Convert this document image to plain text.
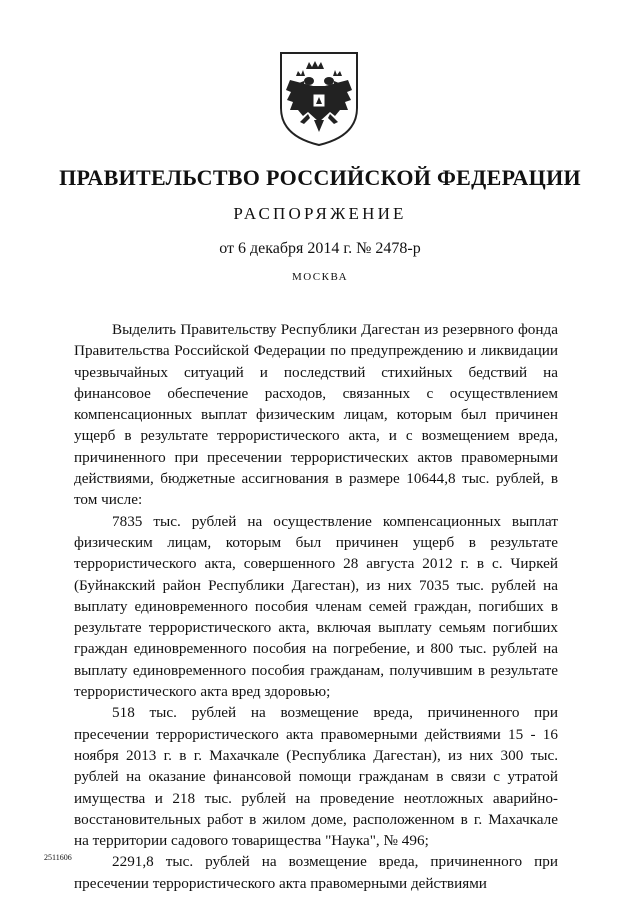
ПРАВИТЕЛЬСТВО РОССИЙСКОЙ ФЕДЕРАЦИИ
РАСПОРЯЖЕНИЕ
от 6 декабря 2014 г. № 2478-р
МОСКВА

Выделить Правительству Республики Дагестан из резервного фонда Правительства Российской Федерации по предупреждению и ликвидации чрезвычайных ситуаций и последствий стихийных бедствий на финансовое обеспечение расходов, связанных с осуществлением компенсационных выплат физическим лицам, которым был причинен ущерб в результате террористического акта, и с возмещением вреда, причиненного при пресечении террористических актов правомерными действиями, бюджетные ассигнования в размере 10644,8 тыс. рублей, в том числе:

7835 тыс. рублей на осуществление компенсационных выплат физическим лицам, которым был причинен ущерб в результате террористического акта, совершенного 28 августа 2012 г. в с. Чиркей (Буйнакский район Республики Дагестан), из них 7035 тыс. рублей на выплату единовременного пособия членам семей граждан, погибших в результате террористического акта, включая выплату семьям погибших граждан единовременного пособия на погребение, и 800 тыс. рублей на выплату единовременного пособия гражданам, получившим в результате террористического акта вред здоровью;

518 тыс. рублей на возмещение вреда, причиненного при пресечении террористического акта правомерными действиями 15 - 16 ноября 2013 г. в г. Махачкале (Республика Дагестан), из них 300 тыс. рублей на оказание финансовой помощи гражданам в связи с утратой имущества и 218 тыс. рублей на проведение неотложных аварийно-восстановительных работ в жилом доме, расположенном в г. Махачкале на территории садового товарищества "Наука", № 496;

2291,8 тыс. рублей на возмещение вреда, причиненного при пресечении террористического акта правомерными действиями

2511606
